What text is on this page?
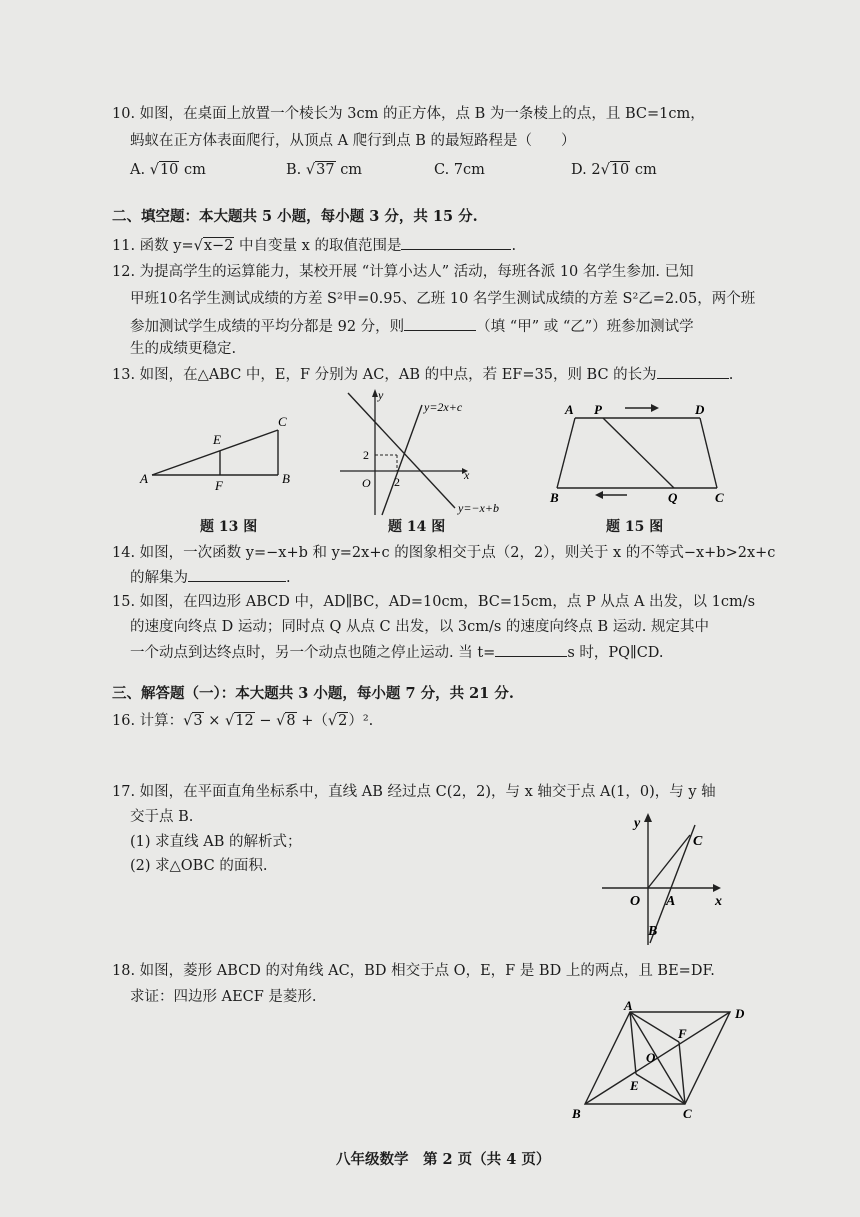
10. 如图，在桌面上放置一个棱长为 3cm 的正方体，点 B 为一条棱上的点，且 BC=1cm，
蚂蚁在正方体表面爬行，从顶点 A 爬行到点 B 的最短路程是（　　）
A. √10 cm	B. √37 cm	C. 7cm	D. 2√10 cm
二、填空题：本大题共 5 小题，每小题 3 分，共 15 分.
11. 函数 y=√x−2 中自变量 x 的取值范围是	.
12. 为提高学生的运算能力，某校开展 “计算小达人” 活动，每班各派 10 名学生参加. 已知
甲班10名学生测试成绩的方差 S²甲=0.95、乙班 10 名学生测试成绩的方差 S²乙=2.05，两个班
参加测试学生成绩的平均分都是 92 分，则	（填 “甲” 或 “乙”）班参加测试学
生的成绩更稳定.
13. 如图，在△ABC 中，E，F 分别为 AC，AB 的中点，若 EF=35，则 BC 的长为	.
A	B
C
E
F
题 13 图
y
x
O
2
2
y=2x+c
y=−x+b
题 14 图
A P	D
B	Q	C
题 15 图
14. 如图，一次函数 y=−x+b 和 y=2x+c 的图象相交于点（2，2），则关于 x 的不等式−x+b>2x+c
的解集为	.
15. 如图，在四边形 ABCD 中，AD∥BC，AD=10cm，BC=15cm，点 P 从点 A 出发，以 1cm/s
的速度向终点 D 运动；同时点 Q 从点 C 出发，以 3cm/s 的速度向终点 B 运动. 规定其中
一个动点到达终点时，另一个动点也随之停止运动. 当 t=	s 时，PQ∥CD.
三、解答题（一）：本大题共 3 小题，每小题 7 分，共 21 分.
16. 计算：√3 × √12 − √8 +（√2）².
17. 如图，在平面直角坐标系中，直线 AB 经过点 C(2，2)，与 x 轴交于点 A(1，0)，与 y 轴
交于点 B.
(1) 求直线 AB 的解析式；
(2) 求△OBC 的面积.
y
x
O A
B
C
18. 如图，菱形 ABCD 的对角线 AC，BD 相交于点 O，E，F 是 BD 上的两点，且 BE=DF.
求证：四边形 AECF 是菱形.
A
D
B	C
F
O
E
八年级数学　第 2 页（共 4 页）
